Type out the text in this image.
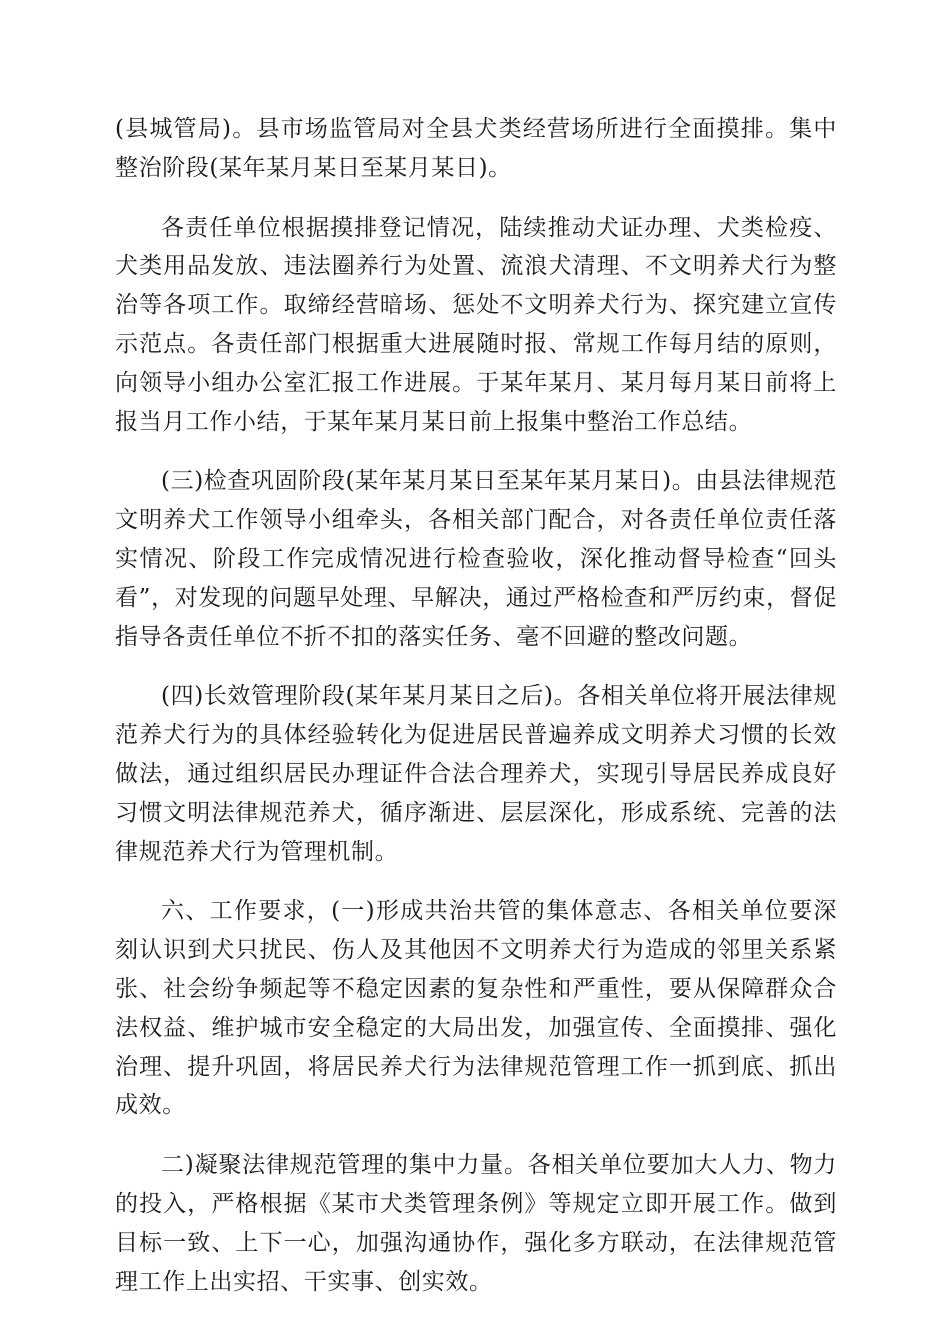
(县城管局)。县市场监管局对全县犬类经营场所进行全面摸排。集中整治阶段(某年某月某日至某月某日)。

各责任单位根据摸排登记情况，陆续推动犬证办理、犬类检疫、犬类用品发放、违法圈养行为处置、流浪犬清理、不文明养犬行为整治等各项工作。取缔经营暗场、惩处不文明养犬行为、探究建立宣传示范点。各责任部门根据重大进展随时报、常规工作每月结的原则，向领导小组办公室汇报工作进展。于某年某月、某月每月某日前将上报当月工作小结，于某年某月某日前上报集中整治工作总结。

(三)检查巩固阶段(某年某月某日至某年某月某日)。由县法律规范文明养犬工作领导小组牵头，各相关部门配合，对各责任单位责任落实情况、阶段工作完成情况进行检查验收，深化推动督导检查“回头看”，对发现的问题早处理、早解决，通过严格检查和严厉约束，督促指导各责任单位不折不扣的落实任务、毫不回避的整改问题。

(四)长效管理阶段(某年某月某日之后)。各相关单位将开展法律规范养犬行为的具体经验转化为促进居民普遍养成文明养犬习惯的长效做法，通过组织居民办理证件合法合理养犬，实现引导居民养成良好习惯文明法律规范养犬，循序渐进、层层深化，形成系统、完善的法律规范养犬行为管理机制。

六、工作要求，(一)形成共治共管的集体意志、各相关单位要深刻认识到犬只扰民、伤人及其他因不文明养犬行为造成的邻里关系紧张、社会纷争频起等不稳定因素的复杂性和严重性，要从保障群众合法权益、维护城市安全稳定的大局出发，加强宣传、全面摸排、强化治理、提升巩固，将居民养犬行为法律规范管理工作一抓到底、抓出成效。

二)凝聚法律规范管理的集中力量。各相关单位要加大人力、物力的投入，严格根据《某市犬类管理条例》等规定立即开展工作。做到目标一致、上下一心，加强沟通协作，强化多方联动，在法律规范管理工作上出实招、干实事、创实效。
